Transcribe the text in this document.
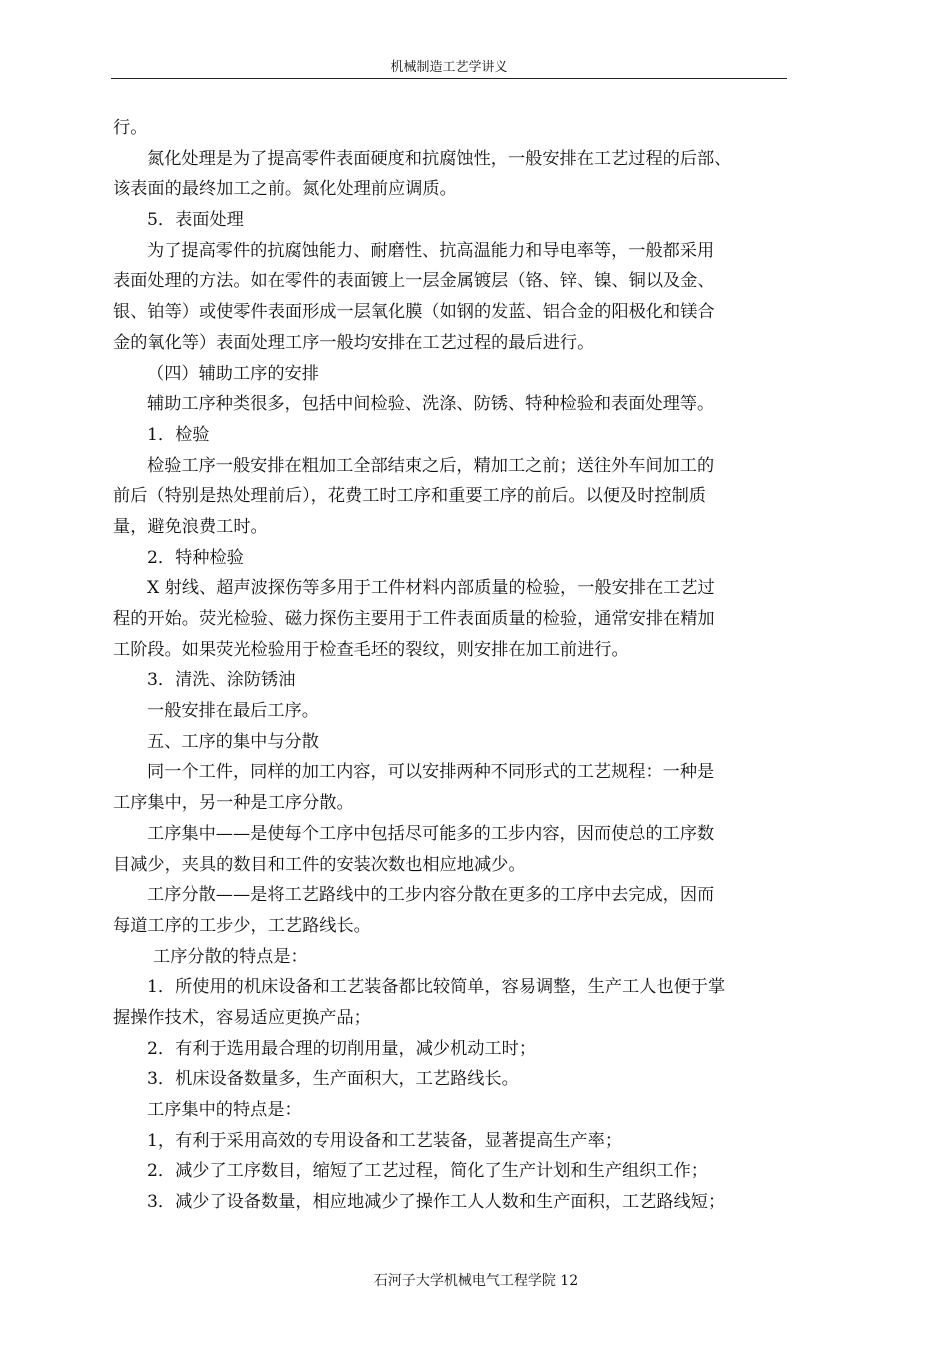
机械制造工艺学讲义
行。
氮化处理是为了提高零件表面硬度和抗腐蚀性，一般安排在工艺过程的后部、
该表面的最终加工之前。氮化处理前应调质。
5．表面处理
为了提高零件的抗腐蚀能力、耐磨性、抗高温能力和导电率等，一般都采用
表面处理的方法。如在零件的表面镀上一层金属镀层（铬、锌、镍、铜以及金、
银、铂等）或使零件表面形成一层氧化膜（如钢的发蓝、铝合金的阳极化和镁合
金的氧化等）表面处理工序一般均安排在工艺过程的最后进行。
（四）辅助工序的安排
辅助工序种类很多，包括中间检验、洗涤、防锈、特种检验和表面处理等。
1．检验
检验工序一般安排在粗加工全部结束之后，精加工之前；送往外车间加工的
前后（特别是热处理前后），花费工时工序和重要工序的前后。以便及时控制质
量，避免浪费工时。
2．特种检验
X 射线、超声波探伤等多用于工件材料内部质量的检验，一般安排在工艺过
程的开始。荧光检验、磁力探伤主要用于工件表面质量的检验，通常安排在精加
工阶段。如果荧光检验用于检查毛坯的裂纹，则安排在加工前进行。
3．清洗、涂防锈油
一般安排在最后工序。
五、工序的集中与分散
同一个工件，同样的加工内容，可以安排两种不同形式的工艺规程：一种是
工序集中，另一种是工序分散。
工序集中——是使每个工序中包括尽可能多的工步内容，因而使总的工序数
目减少，夹具的数目和工件的安装次数也相应地减少。
工序分散——是将工艺路线中的工步内容分散在更多的工序中去完成，因而
每道工序的工步少，工艺路线长。
工序分散的特点是：
1．所使用的机床设备和工艺装备都比较简单，容易调整，生产工人也便于掌
握操作技术，容易适应更换产品；
2．有利于选用最合理的切削用量，减少机动工时；
3．机床设备数量多，生产面积大，工艺路线长。
工序集中的特点是：
1，有利于采用高效的专用设备和工艺装备，显著提高生产率；
2．减少了工序数目，缩短了工艺过程，简化了生产计划和生产组织工作；
3．减少了设备数量，相应地减少了操作工人人数和生产面积，工艺路线短；
石河子大学机械电气工程学院 12
